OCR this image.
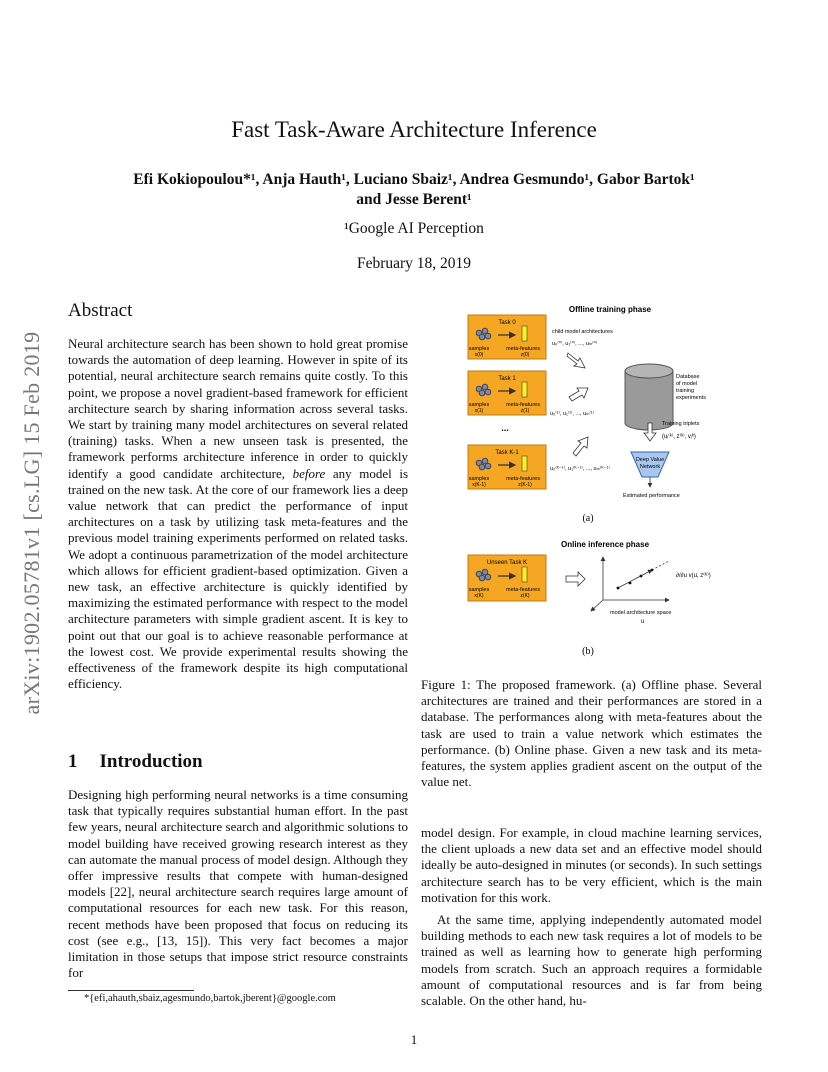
Fast Task-Aware Architecture Inference
Efi Kokiopoulou*¹, Anja Hauth¹, Luciano Sbaiz¹, Andrea Gesmundo¹, Gabor Bartok¹
and Jesse Berent¹
¹Google AI Perception
February 18, 2019
arXiv:1902.05781v1 [cs.LG] 15 Feb 2019
Abstract
Neural architecture search has been shown to hold great promise towards the automation of deep learning. However in spite of its potential, neural architecture search remains quite costly. To this point, we propose a novel gradient-based framework for efficient architecture search by sharing information across several tasks. We start by training many model architectures on several related (training) tasks. When a new unseen task is presented, the framework performs architecture inference in order to quickly identify a good candidate architecture, before any model is trained on the new task. At the core of our framework lies a deep value network that can predict the performance of input architectures on a task by utilizing task meta-features and the previous model training experiments performed on related tasks. We adopt a continuous parametrization of the model architecture which allows for efficient gradient-based optimization. Given a new task, an effective architecture is quickly identified by maximizing the estimated performance with respect to the model architecture parameters with simple gradient ascent. It is key to point out that our goal is to achieve reasonable performance at the lowest cost. We provide experimental results showing the effectiveness of the framework despite its high computational efficiency.
1 Introduction
Designing high performing neural networks is a time consuming task that typically requires substantial human effort. In the past few years, neural architecture search and algorithmic solutions to model building have received growing research interest as they can automate the manual process of model design. Although they offer impressive results that compete with human-designed models [22], neural architecture search requires large amount of computational resources for each new task. For this reason, recent methods have been proposed that focus on reducing its cost (see e.g., [13, 15]). This very fact becomes a major limitation in those setups that impose strict resource constraints for
*{efi,ahauth,sbaiz,agesmundo,bartok,jberent}@google.com
Offline training phase
Task 0
samples	meta-features
x(0)	z(0)
child model architectures
u₀⁽⁰⁾, u₁⁽⁰⁾, ..., uₘ⁽⁰⁾
Task 1
samples	meta-features
x(1)	z(1)	u₀⁽¹⁾, u₁⁽¹⁾, ..., uₘ⁽¹⁾
...
Task K-1
samples	meta-features
x(K-1)	z(K-1)
u₀⁽ᴷ⁻¹⁾, u₁⁽ᴷ⁻¹⁾, ..., uₘ⁽ᴷ⁻¹⁾
Database
of model
training
experiments
Training triplets
(uᵢ⁽ᵏ⁾, z⁽ᵏ⁾, vᵢᵏ)
Deep Value
Network
Estimated performance
(a)
Online inference phase
Unseen Task K
samples	meta-features
x(K)	z(K)
∂/∂u v(u, z⁽ᴷ⁾)
model architecture space
u
(b)
Figure 1: The proposed framework. (a) Offline phase. Several architectures are trained and their performances are stored in a database. The performances along with meta-features about the task are used to train a value network which estimates the performance. (b) Online phase. Given a new task and its meta-features, the system applies gradient ascent on the output of the value net.
model design. For example, in cloud machine learning services, the client uploads a new data set and an effective model should ideally be auto-designed in minutes (or seconds). In such settings architecture search has to be very efficient, which is the main motivation for this work.
At the same time, applying independently automated model building methods to each new task requires a lot of models to be trained as well as learning how to generate high performing models from scratch. Such an approach requires a formidable amount of computational resources and is far from being scalable. On the other hand, hu-
1
